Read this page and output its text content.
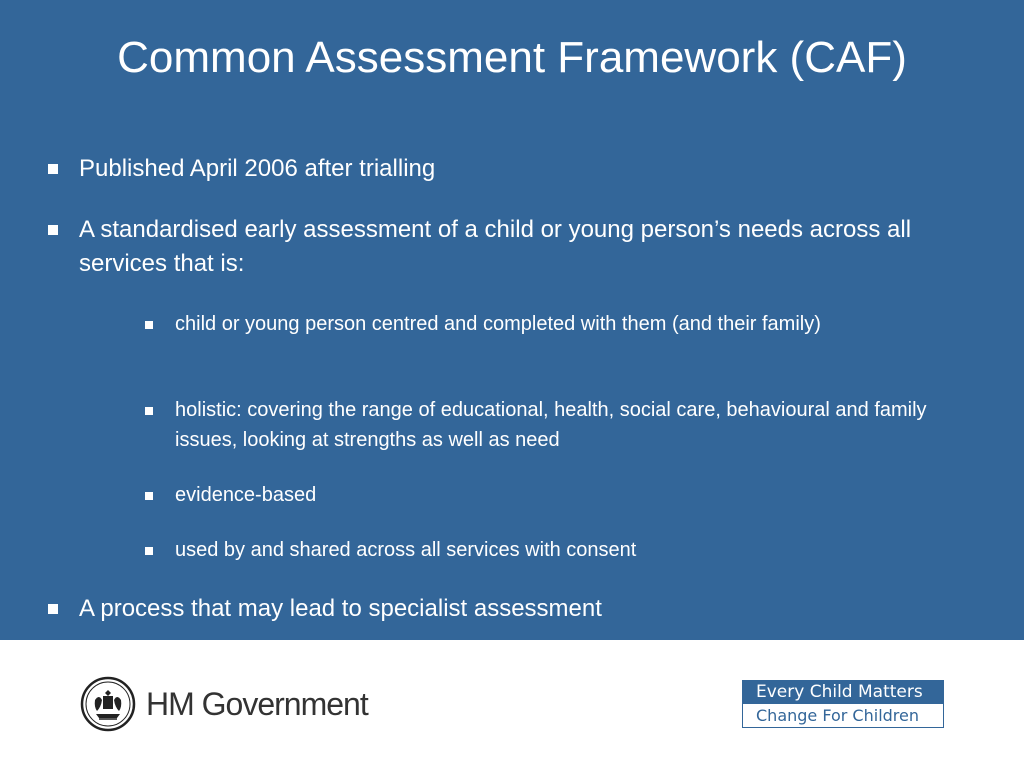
Common Assessment Framework (CAF)
Published April 2006 after trialling
A standardised early assessment of a child or young person’s needs across all services that is:
child or young person centred and completed with them (and their family)
holistic: covering the range of educational, health, social care, behavioural and family issues, looking at strengths as well as need
evidence-based
used by and shared across all services with consent
A process that may lead to specialist assessment
HM Government	Every Child Matters
Change For Children
